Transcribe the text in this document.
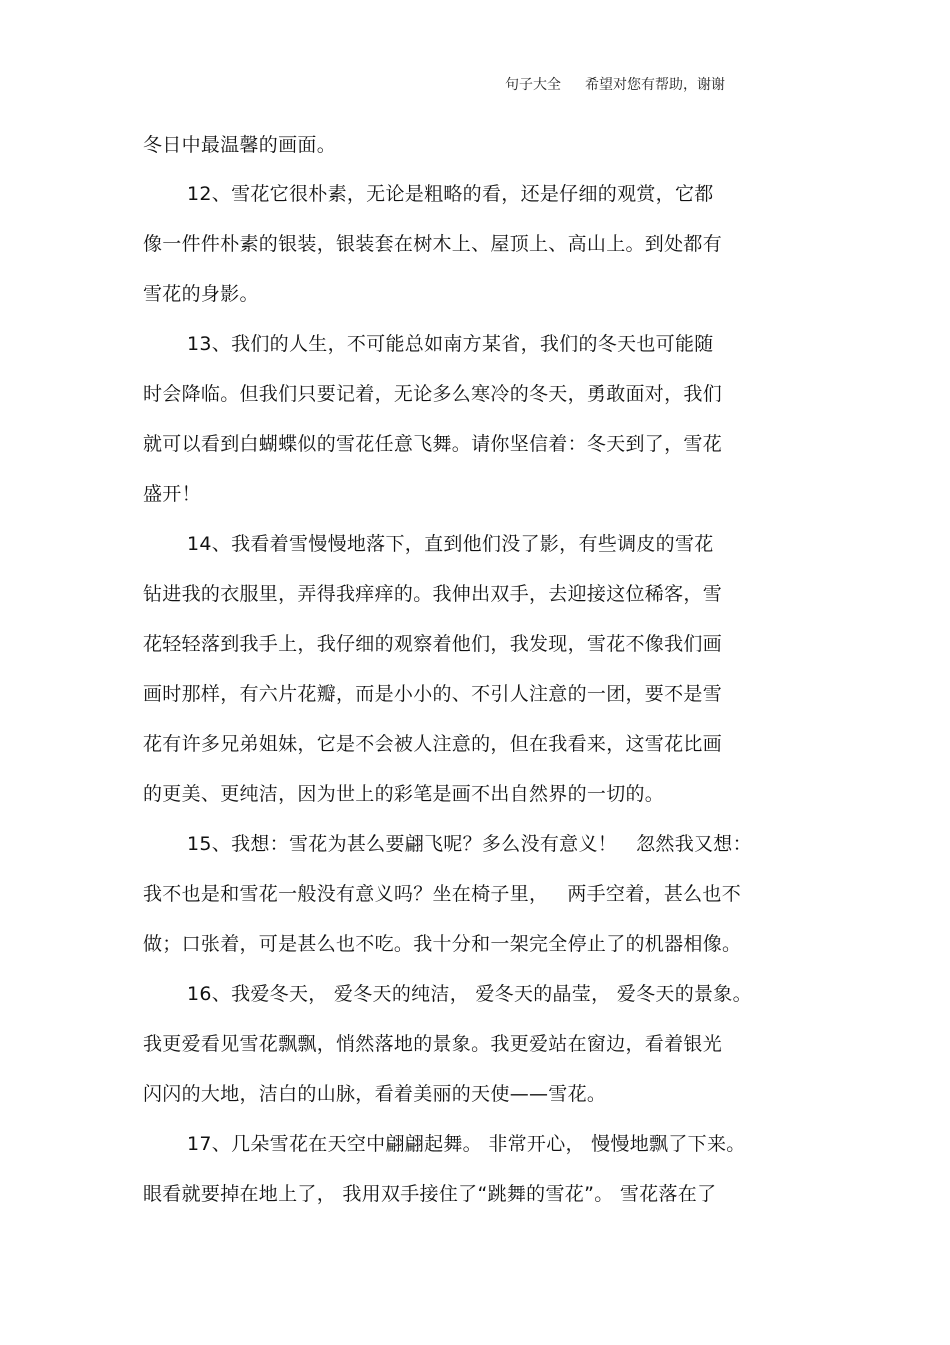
句子大全 希望对您有帮助，谢谢
冬日中最温馨的画面。
12、雪花它很朴素，无论是粗略的看，还是仔细的观赏，它都
像一件件朴素的银装，银装套在树木上、屋顶上、高山上。到处都有
雪花的身影。
13、我们的人生，不可能总如南方某省，我们的冬天也可能随
时会降临。但我们只要记着，无论多么寒冷的冬天，勇敢面对，我们
就可以看到白蝴蝶似的雪花任意飞舞。请你坚信着：冬天到了，雪花
盛开！
14、我看着雪慢慢地落下，直到他们没了影，有些调皮的雪花
钻进我的衣服里，弄得我痒痒的。我伸出双手，去迎接这位稀客，雪
花轻轻落到我手上，我仔细的观察着他们，我发现，雪花不像我们画
画时那样，有六片花瓣，而是小小的、不引人注意的一团，要不是雪
花有许多兄弟姐妹，它是不会被人注意的，但在我看来，这雪花比画
的更美、更纯洁，因为世上的彩笔是画不出自然界的一切的。
15、我想：雪花为甚么要翩飞呢？多么没有意义！   忽然我又想：
我不也是和雪花一般没有意义吗？坐在椅子里，   两手空着，甚么也不
做；口张着，可是甚么也不吃。我十分和一架完全停止了的机器相像。
16、我爱冬天， 爱冬天的纯洁， 爱冬天的晶莹， 爱冬天的景象。
我更爱看见雪花飘飘，悄然落地的景象。我更爱站在窗边，看着银光
闪闪的大地，洁白的山脉，看着美丽的天使——雪花。
17、几朵雪花在天空中翩翩起舞。 非常开心， 慢慢地飘了下来。
眼看就要掉在地上了， 我用双手接住了“跳舞的雪花”。 雪花落在了
